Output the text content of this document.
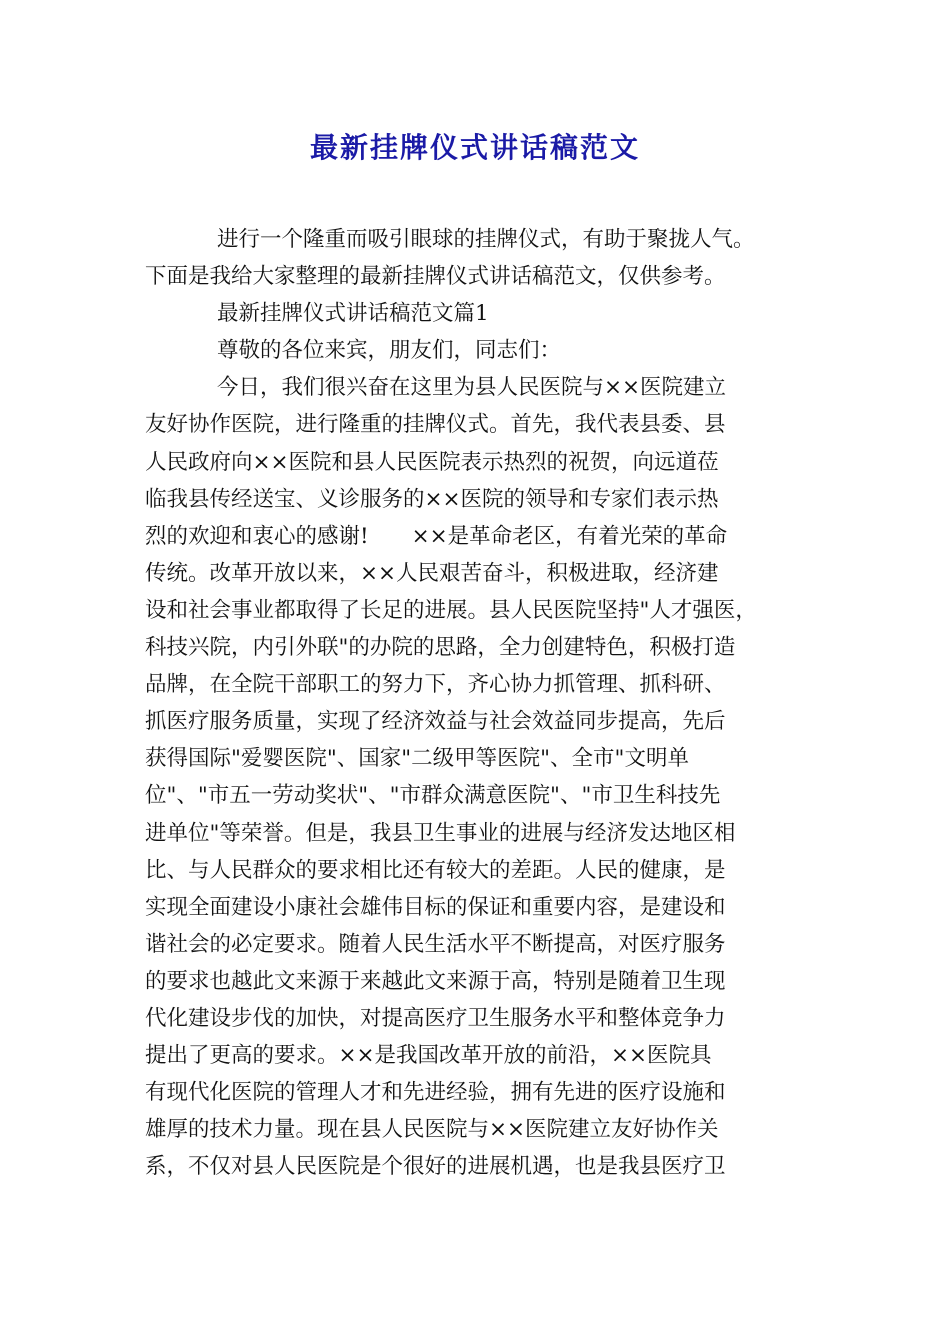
最新挂牌仪式讲话稿范文
进行一个隆重而吸引眼球的挂牌仪式，有助于聚拢人气。
下面是我给大家整理的最新挂牌仪式讲话稿范文，仅供参考。
最新挂牌仪式讲话稿范文篇1
尊敬的各位来宾，朋友们，同志们：
今日，我们很兴奋在这里为县人民医院与××医院建立
友好协作医院，进行隆重的挂牌仪式。首先，我代表县委、县
人民政府向××医院和县人民医院表示热烈的祝贺，向远道莅
临我县传经送宝、义诊服务的××医院的领导和专家们表示热
烈的欢迎和衷心的感谢!　　××是革命老区，有着光荣的革命
传统。改革开放以来，××人民艰苦奋斗，积极进取，经济建
设和社会事业都取得了长足的进展。县人民医院坚持"人才强医，
科技兴院，内引外联"的办院的思路，全力创建特色，积极打造
品牌，在全院干部职工的努力下，齐心协力抓管理、抓科研、
抓医疗服务质量，实现了经济效益与社会效益同步提高，先后
获得国际"爱婴医院"、国家"二级甲等医院"、全市"文明单
位"、"市五一劳动奖状"、"市群众满意医院"、"市卫生科技先
进单位"等荣誉。但是，我县卫生事业的进展与经济发达地区相
比、与人民群众的要求相比还有较大的差距。人民的健康，是
实现全面建设小康社会雄伟目标的保证和重要内容，是建设和
谐社会的必定要求。随着人民生活水平不断提高，对医疗服务
的要求也越此文来源于来越此文来源于高，特别是随着卫生现
代化建设步伐的加快，对提高医疗卫生服务水平和整体竞争力
提出了更高的要求。××是我国改革开放的前沿，××医院具
有现代化医院的管理人才和先进经验，拥有先进的医疗设施和
雄厚的技术力量。现在县人民医院与××医院建立友好协作关
系，不仅对县人民医院是个很好的进展机遇，也是我县医疗卫
